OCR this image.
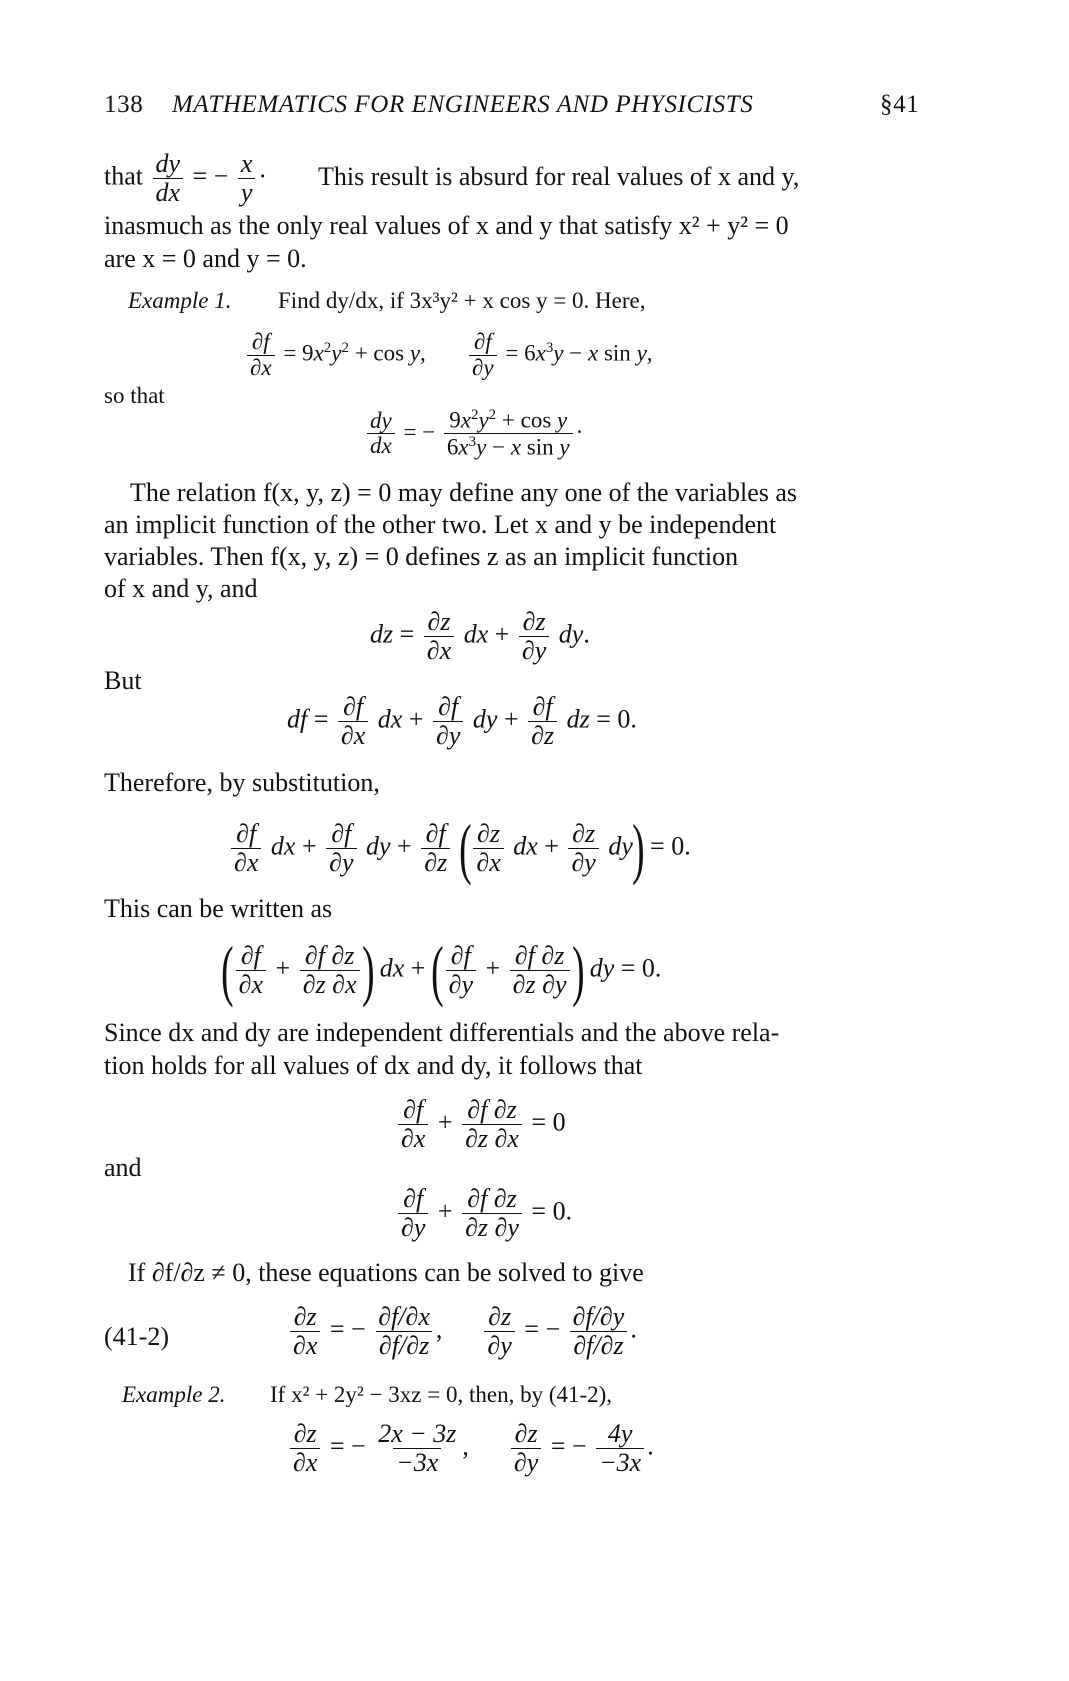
138 MATHEMATICS FOR ENGINEERS AND PHYSICISTS	§41
that $\frac{dy}{dx}$ = − $\frac{x}{y}$ · This result is absurd for real values of x and y,
inasmuch as the only real values of x and y that satisfy x² + y² = 0
are x = 0 and y = 0.
Example 1. Find dy/dx, if 3x³y² + x cos y = 0. Here,
$\frac{\partial f}{\partial x} = 9x^2y^2 + \cos y$, $\frac{\partial f}{\partial y} = 6x^3y - x$ sin y,
so that
$\frac{dy}{dx}$ = − $\frac{9x^2y^2 + \cos y}{6x^3y - x \sin y}$ ·
The relation f(x, y, z) = 0 may define any one of the variables as
an implicit function of the other two. Let x and y be independent
variables. Then f(x, y, z) = 0 defines z as an implicit function
of x and y, and
dz = $\frac{\partial z}{\partial x}$ dx + $\frac{\partial z}{\partial y}$ dy.
But
df = $\frac{\partial f}{\partial x}$ dx + $\frac{\partial f}{\partial y}$ dy + $\frac{\partial f}{\partial z}$ dz = 0.
Therefore, by substitution,
$\frac{\partial f}{\partial x}$ dx + $\frac{\partial f}{\partial y}$ dy + $\frac{\partial f}{\partial z}$ ( $\frac{\partial z}{\partial x}$ dx + $\frac{\partial z}{\partial y} dy) = 0$.
This can be written as
( $\frac{\partial f}{\partial x} + \frac{\partial f \partial z}{\partial z \partial x}$ ) dx + ( $\frac{\partial f}{\partial y} + \frac{\partial f \partial z}{\partial z \partial y}$ ) dy = 0.
Since dx and dy are independent differentials and the above rela-
tion holds for all values of dx and dy, it follows that
$\frac{\partial f}{\partial x} + \frac{\partial f \partial z}{\partial z \partial x} = 0$
and
$\frac{\partial f}{\partial y} + \frac{\partial f \partial z}{\partial z \partial y} = 0$.
If ∂f/∂z ≠ 0, these equations can be solved to give
(41-2)	$\frac{\partial z}{\partial x}$ = − $\frac{\partial f/\partial x}{\partial f/\partial z}$ , $\frac{\partial z}{\partial y}$ = − $\frac{\partial f/\partial y}{\partial f/\partial z}$ .
Example 2. If x² + 2y² − 3xz = 0, then, by (41-2),
$\frac{\partial z}{\partial x}$ = − $\frac{2x - 3z}{-3x}$ , $\frac{\partial z}{\partial y}$ = − $\frac{4y}{-3x}$ .
